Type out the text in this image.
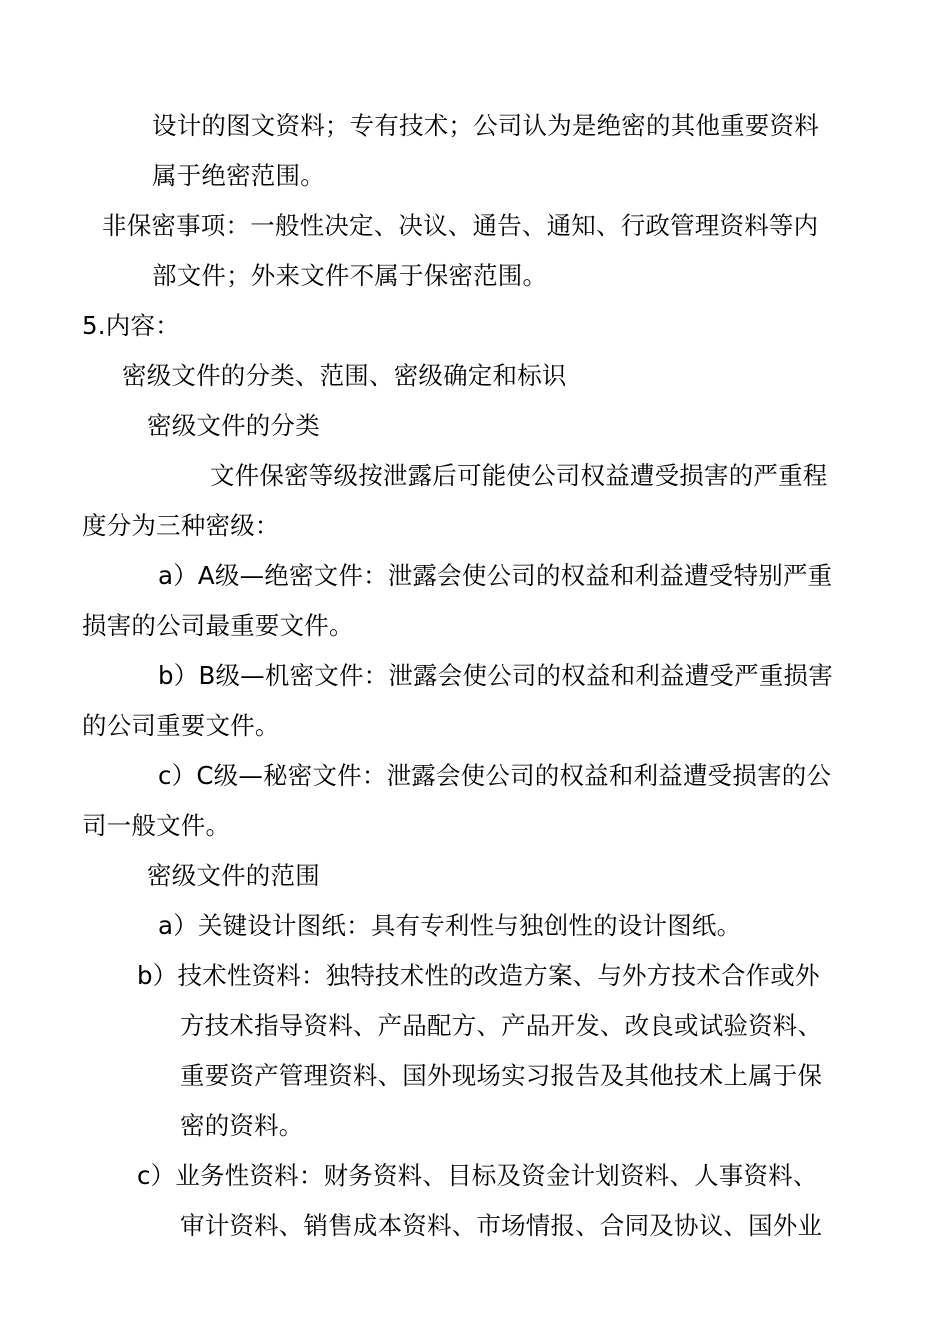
设计的图文资料；专有技术；公司认为是绝密的其他重要资料
属于绝密范围。
非保密事项：一般性决定、决议、通告、通知、行政管理资料等内
部文件；外来文件不属于保密范围。
5.内容：
密级文件的分类、范围、密级确定和标识
密级文件的分类
文件保密等级按泄露后可能使公司权益遭受损害的严重程
度分为三种密级：
a）A级—绝密文件：泄露会使公司的权益和利益遭受特别严重
损害的公司最重要文件。
b）B级—机密文件：泄露会使公司的权益和利益遭受严重损害
的公司重要文件。
c）C级—秘密文件：泄露会使公司的权益和利益遭受损害的公
司一般文件。
密级文件的范围
a）关键设计图纸：具有专利性与独创性的设计图纸。
b）技术性资料：独特技术性的改造方案、与外方技术合作或外
方技术指导资料、产品配方、产品开发、改良或试验资料、
重要资产管理资料、国外现场实习报告及其他技术上属于保
密的资料。
c）业务性资料：财务资料、目标及资金计划资料、人事资料、
审计资料、销售成本资料、市场情报、合同及协议、国外业
